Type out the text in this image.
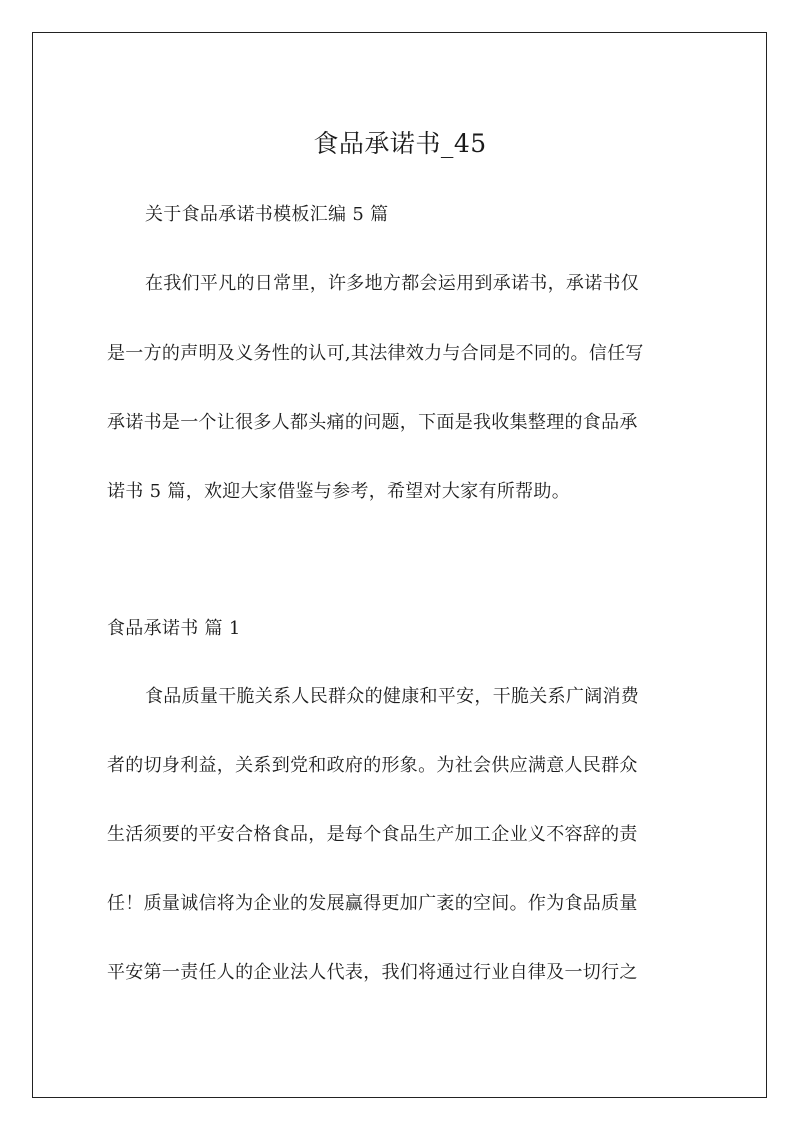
食品承诺书_45
关于食品承诺书模板汇编 5 篇
在我们平凡的日常里，许多地方都会运用到承诺书，承诺书仅
是一方的声明及义务性的认可,其法律效力与合同是不同的。信任写
承诺书是一个让很多人都头痛的问题，下面是我收集整理的食品承
诺书 5 篇，欢迎大家借鉴与参考，希望对大家有所帮助。
食品承诺书 篇 1
食品质量干脆关系人民群众的健康和平安，干脆关系广阔消费
者的切身利益，关系到党和政府的形象。为社会供应满意人民群众
生活须要的平安合格食品，是每个食品生产加工企业义不容辞的责
任！质量诚信将为企业的发展赢得更加广袤的空间。作为食品质量
平安第一责任人的企业法人代表，我们将通过行业自律及一切行之
